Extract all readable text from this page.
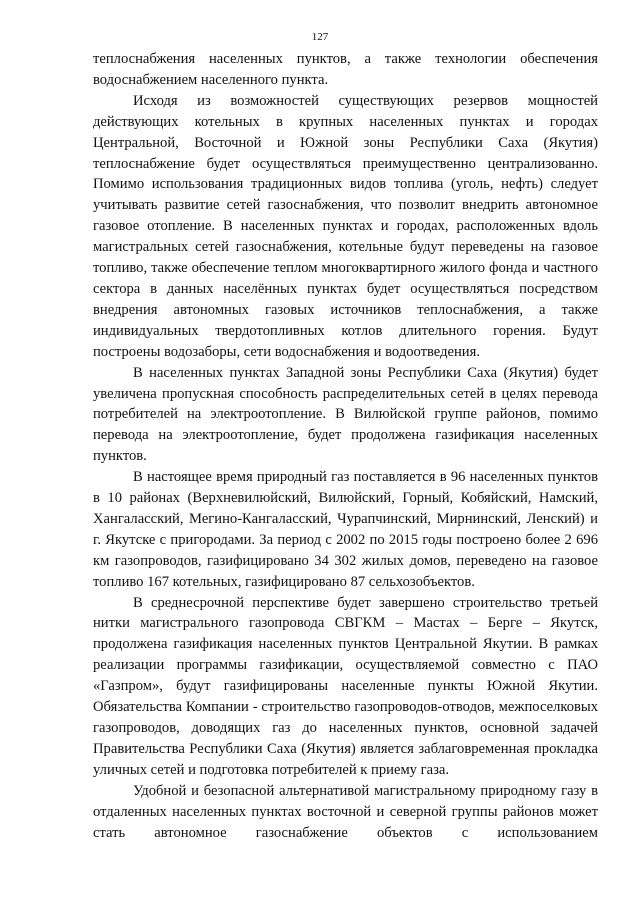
127

теплоснабжения населенных пунктов, а также технологии обеспечения водоснабжением населенного пункта.

Исходя из возможностей существующих резервов мощностей действующих котельных в крупных населенных пунктах и городах Центральной, Восточной и Южной зоны Республики Саха (Якутия) теплоснабжение будет осуществляться преимущественно централизованно. Помимо использования традиционных видов топлива (уголь, нефть) следует учитывать развитие сетей газоснабжения, что позволит внедрить автономное газовое отопление. В населенных пунктах и городах, расположенных вдоль магистральных сетей газоснабжения, котельные будут переведены на газовое топливо, также обеспечение теплом многоквартирного жилого фонда и частного сектора в данных населённых пунктах будет осуществляться посредством внедрения автономных газовых источников теплоснабжения, а также индивидуальных твердотопливных котлов длительного горения. Будут построены водозаборы, сети водоснабжения и водоотведения.

В населенных пунктах Западной зоны Республики Саха (Якутия) будет увеличена пропускная способность распределительных сетей в целях перевода потребителей на электроотопление. В Вилюйской группе районов, помимо перевода на электроотопление, будет продолжена газификация населенных пунктов.

В настоящее время природный газ поставляется в 96 населенных пунктов в 10 районах (Верхневилюйский, Вилюйский, Горный, Кобяйский, Намский, Хангаласский, Мегино-Кангаласский, Чурапчинский, Мирнинский, Ленский) и г. Якутске с пригородами. За период с 2002 по 2015 годы построено более 2 696 км газопроводов, газифицировано 34 302 жилых домов, переведено на газовое топливо 167 котельных, газифицировано 87 сельхозобъектов.

В среднесрочной перспективе будет завершено строительство третьей нитки магистрального газопровода СВГКМ – Мастах – Берге – Якутск, продолжена газификация населенных пунктов Центральной Якутии. В рамках реализации программы газификации, осуществляемой совместно с ПАО «Газпром», будут газифицированы населенные пункты Южной Якутии. Обязательства Компании - строительство газопроводов-отводов, межпоселковых газопроводов, доводящих газ до населенных пунктов, основной задачей Правительства Республики Саха (Якутия) является заблаговременная прокладка уличных сетей и подготовка потребителей к приему газа.

Удобной и безопасной альтернативой магистральному природному газу в отдаленных населенных пунктах восточной и северной группы районов может стать автономное газоснабжение объектов с использованием
